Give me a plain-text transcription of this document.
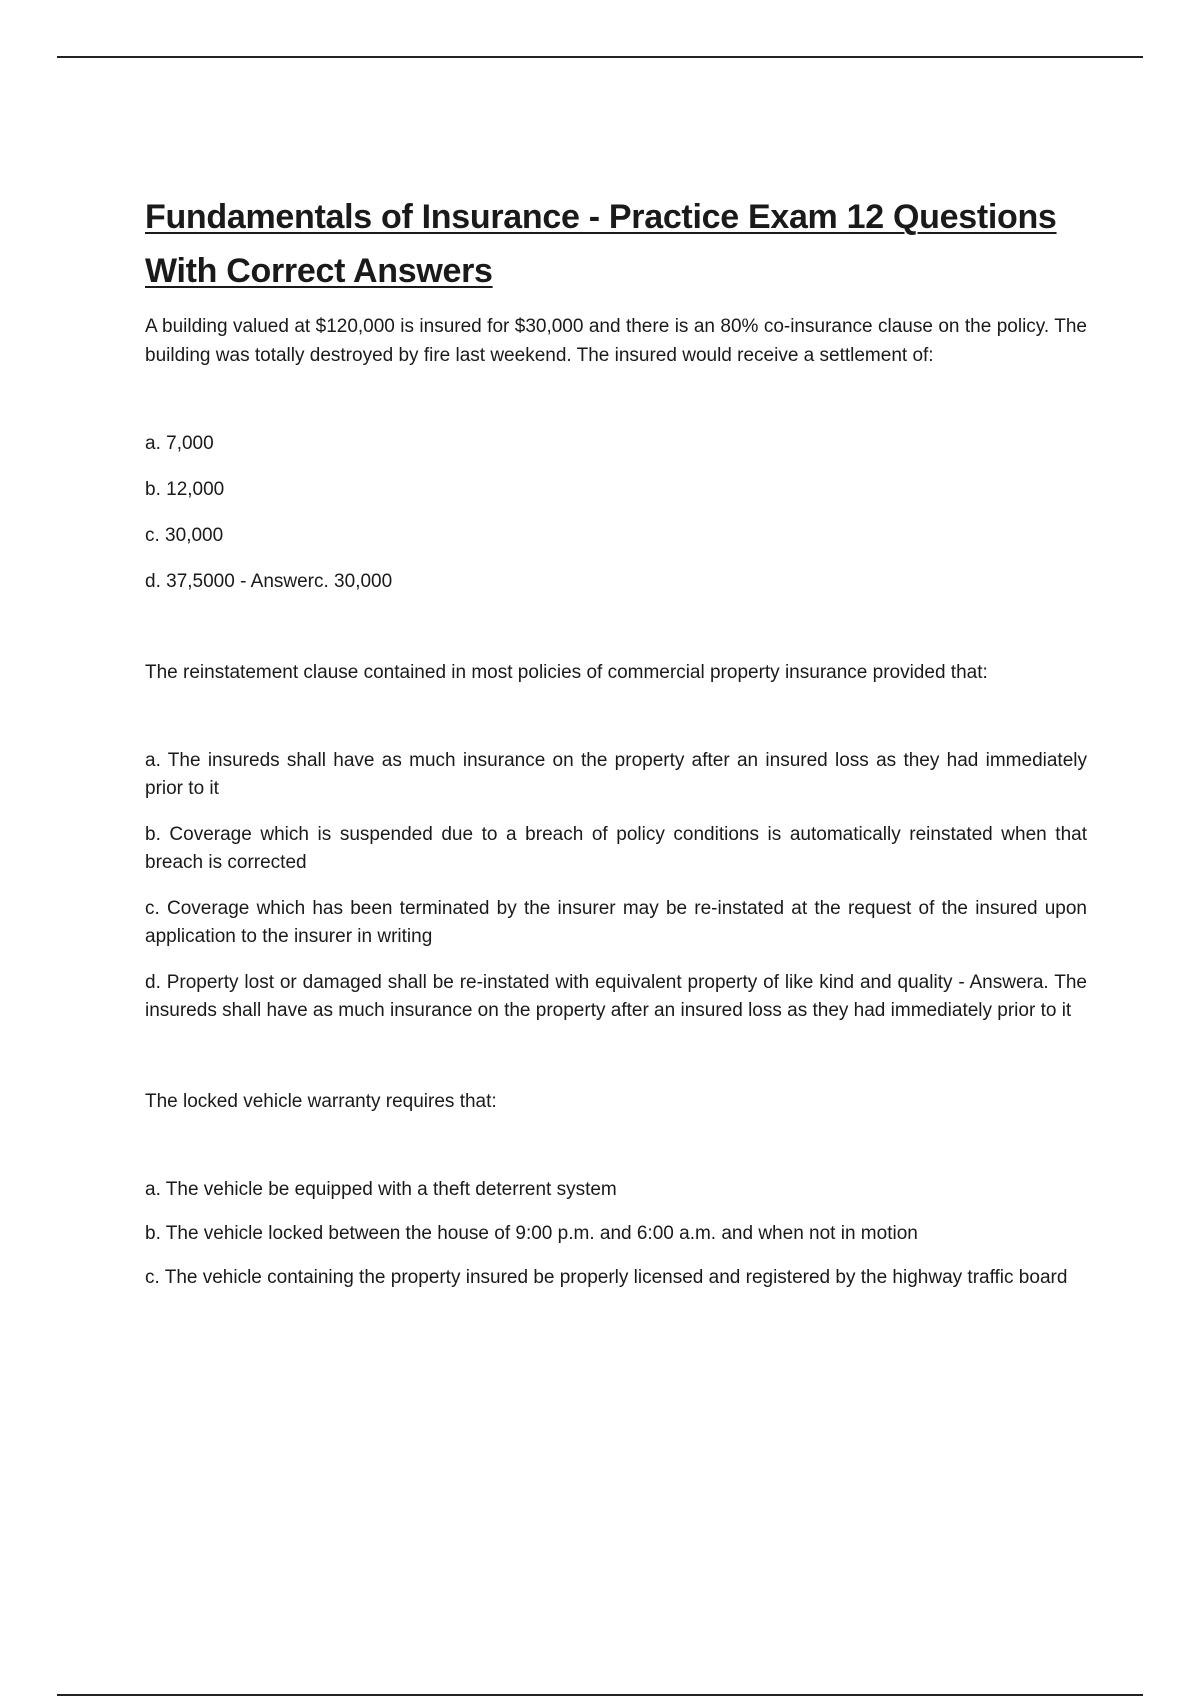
Fundamentals of Insurance - Practice Exam 12 Questions With Correct Answers

A building valued at $120,000 is insured for $30,000 and there is an 80% co-insurance clause on the policy. The building was totally destroyed by fire last weekend. The insured would receive a settlement of:

a. 7,000

b. 12,000

c. 30,000

d. 37,5000 - Answerc. 30,000

The reinstatement clause contained in most policies of commercial property insurance provided that:

a. The insureds shall have as much insurance on the property after an insured loss as they had immediately prior to it

b. Coverage which is suspended due to a breach of policy conditions is automatically reinstated when that breach is corrected

c. Coverage which has been terminated by the insurer may be re-instated at the request of the insured upon application to the insurer in writing

d. Property lost or damaged shall be re-instated with equivalent property of like kind and quality - Answera. The insureds shall have as much insurance on the property after an insured loss as they had immediately prior to it

The locked vehicle warranty requires that:

a. The vehicle be equipped with a theft deterrent system

b. The vehicle locked between the house of 9:00 p.m. and 6:00 a.m. and when not in motion

c. The vehicle containing the property insured be properly licensed and registered by the highway traffic board
